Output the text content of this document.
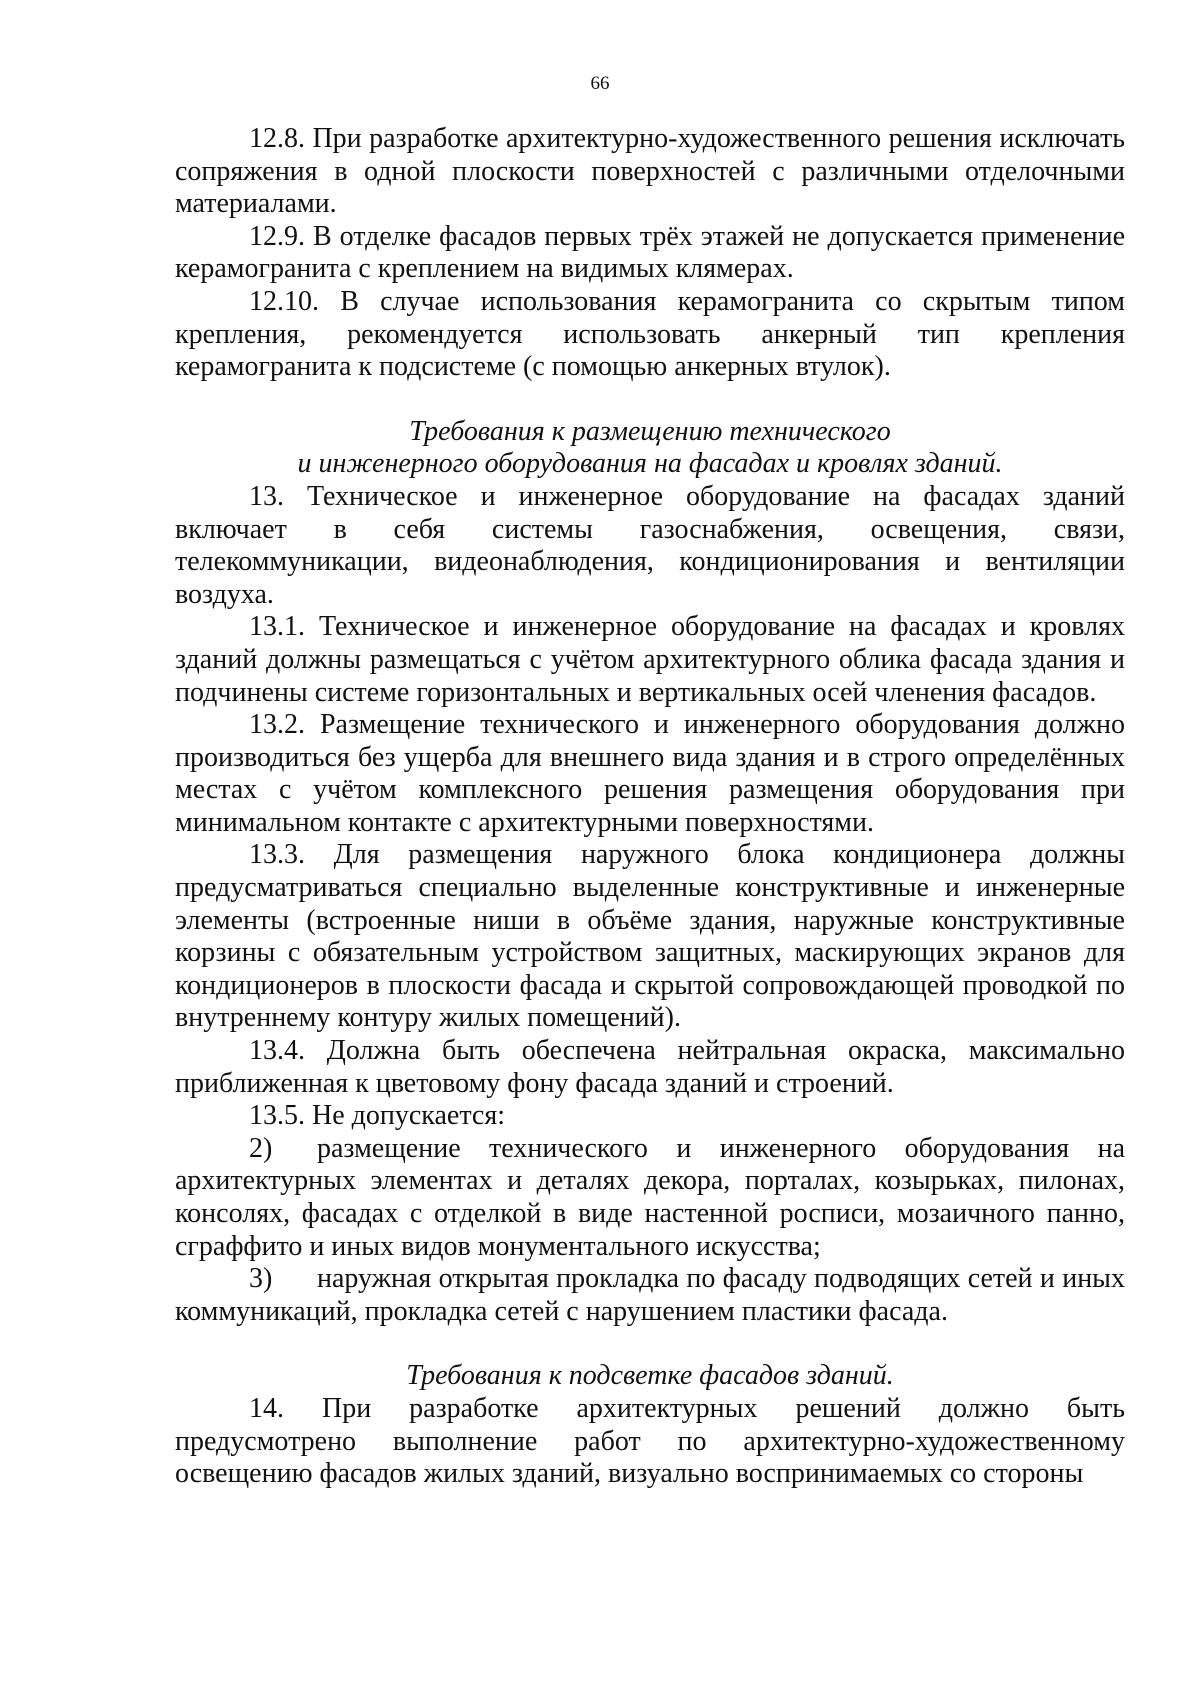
66

12.8. При разработке архитектурно-художественного решения исключать сопряжения в одной плоскости поверхностей с различными отделочными материалами.

12.9. В отделке фасадов первых трёх этажей не допускается применение керамогранита с креплением на видимых клямерах.

12.10. В случае использования керамогранита со скрытым типом крепления, рекомендуется использовать анкерный тип крепления керамогранита к подсистеме (с помощью анкерных втулок).

Требования к размещению технического

и инженерного оборудования на фасадах и кровлях зданий.

13. Техническое и инженерное оборудование на фасадах зданий включает в себя системы газоснабжения, освещения, связи, телекоммуникации, видеонаблюдения, кондиционирования и вентиляции воздуха.

13.1. Техническое и инженерное оборудование на фасадах и кровлях зданий должны размещаться с учётом архитектурного облика фасада здания и подчинены системе горизонтальных и вертикальных осей членения фасадов.

13.2. Размещение технического и инженерного оборудования должно производиться без ущерба для внешнего вида здания и в строго определённых местах с учётом комплексного решения размещения оборудования при минимальном контакте с архитектурными поверхностями.

13.3. Для размещения наружного блока кондиционера должны предусматриваться специально выделенные конструктивные и инженерные элементы (встроенные ниши в объёме здания, наружные конструктивные корзины с обязательным устройством защитных, маскирующих экранов для кондиционеров в плоскости фасада и скрытой сопровождающей проводкой по внутреннему контуру жилых помещений).

13.4. Должна быть обеспечена нейтральная окраска, максимально приближенная к цветовому фону фасада зданий и строений.

13.5. Не допускается:

2) размещение технического и инженерного оборудования на архитектурных элементах и деталях декора, порталах, козырьках, пилонах, консолях, фасадах с отделкой в виде настенной росписи, мозаичного панно, сграффито и иных видов монументального искусства;

3) наружная открытая прокладка по фасаду подводящих сетей и иных коммуникаций, прокладка сетей с нарушением пластики фасада.

Требования к подсветке фасадов зданий.

14. При разработке архитектурных решений должно быть предусмотрено выполнение работ по архитектурно-художественному освещению фасадов жилых зданий, визуально воспринимаемых со стороны
